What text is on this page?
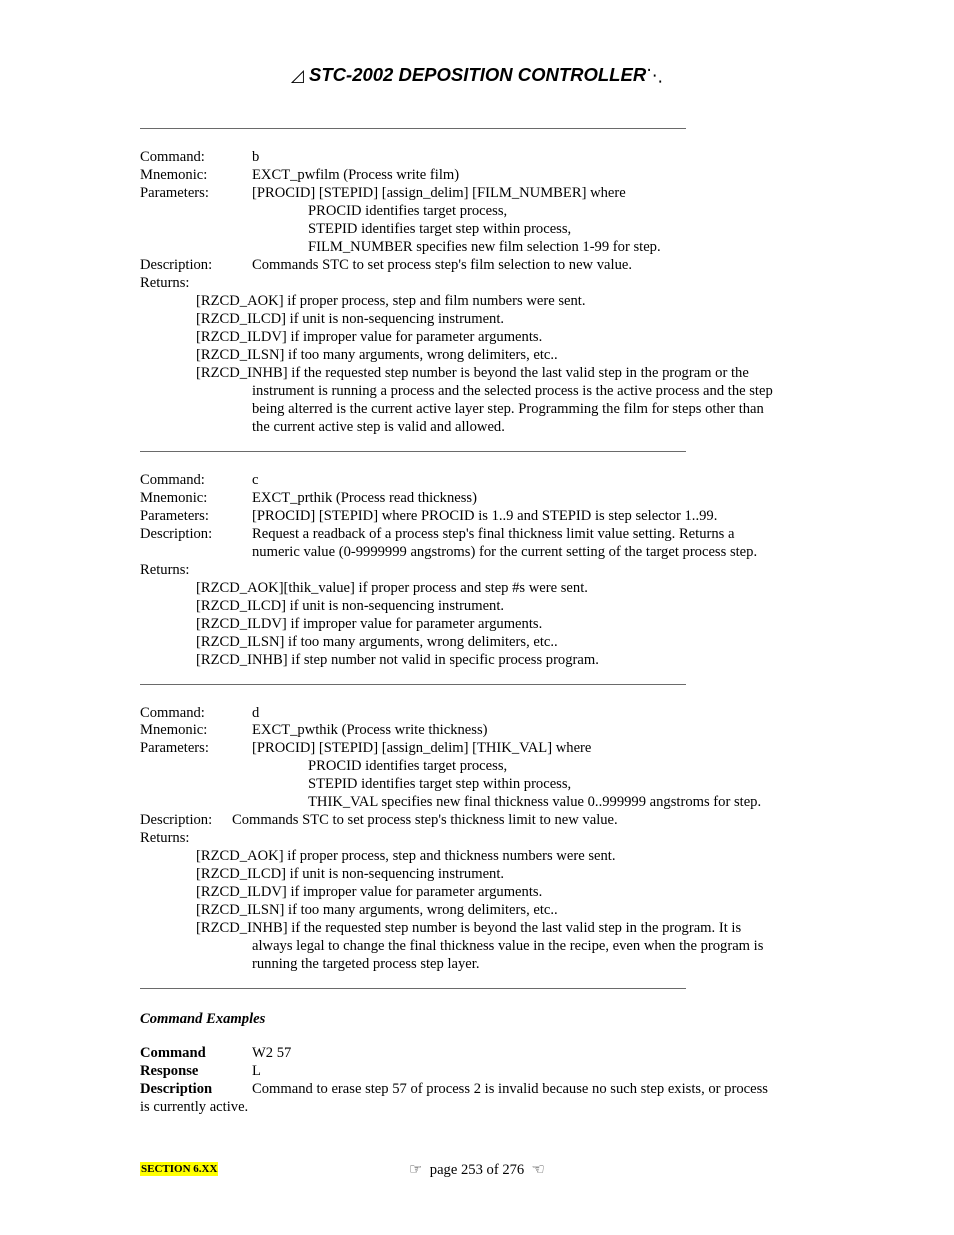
◿ STC-2002 DEPOSITION CONTROLLER⋱
Command:	b
Mnemonic:	EXCT_pwfilm (Process write film)
Parameters:	[PROCID] [STEPID] [assign_delim] [FILM_NUMBER] where
PROCID identifies target process,
STEPID identifies target step within process,
FILM_NUMBER specifies new film selection 1-99 for step.
Description:	Commands STC to set process step's film selection to new value.
Returns:
[RZCD_AOK] if proper process, step and film numbers were sent.
[RZCD_ILCD] if unit is non-sequencing instrument.
[RZCD_ILDV] if improper value for parameter arguments.
[RZCD_ILSN] if too many arguments, wrong delimiters, etc..
[RZCD_INHB] if the requested step number is beyond the last valid step in the program or the
instrument is running a process and the selected process is the active process and the step
being alterred is the current active layer step. Programming the film for steps other than
the current active step is valid and allowed.
Command:	c
Mnemonic:	EXCT_prthik (Process read thickness)
Parameters:	[PROCID] [STEPID] where PROCID is 1..9 and STEPID is step selector 1..99.
Description:	Request a readback of a process step's final thickness limit value setting. Returns a
numeric value (0-9999999 angstroms) for the current setting of the target process step.
Returns:
[RZCD_AOK][thik_value] if proper process and step #s were sent.
[RZCD_ILCD] if unit is non-sequencing instrument.
[RZCD_ILDV] if improper value for parameter arguments.
[RZCD_ILSN] if too many arguments, wrong delimiters, etc..
[RZCD_INHB] if step number not valid in specific process program.
Command:	d
Mnemonic:	EXCT_pwthik (Process write thickness)
Parameters:	[PROCID] [STEPID] [assign_delim] [THIK_VAL] where
PROCID identifies target process,
STEPID identifies target step within process,
THIK_VAL specifies new final thickness value 0..999999 angstroms for step.
Description: Commands STC to set process step's thickness limit to new value.
Returns:
[RZCD_AOK] if proper process, step and thickness numbers were sent.
[RZCD_ILCD] if unit is non-sequencing instrument.
[RZCD_ILDV] if improper value for parameter arguments.
[RZCD_ILSN] if too many arguments, wrong delimiters, etc..
[RZCD_INHB] if the requested step number is beyond the last valid step in the program. It is
always legal to change the final thickness value in the recipe, even when the program is
running the targeted process step layer.
Command Examples
Command	W2 57
Response	L
Description	Command to erase step 57 of process 2 is invalid because no such step exists, or process
is currently active.
SECTION 6.XX	☞ page 253 of 276 ☜
